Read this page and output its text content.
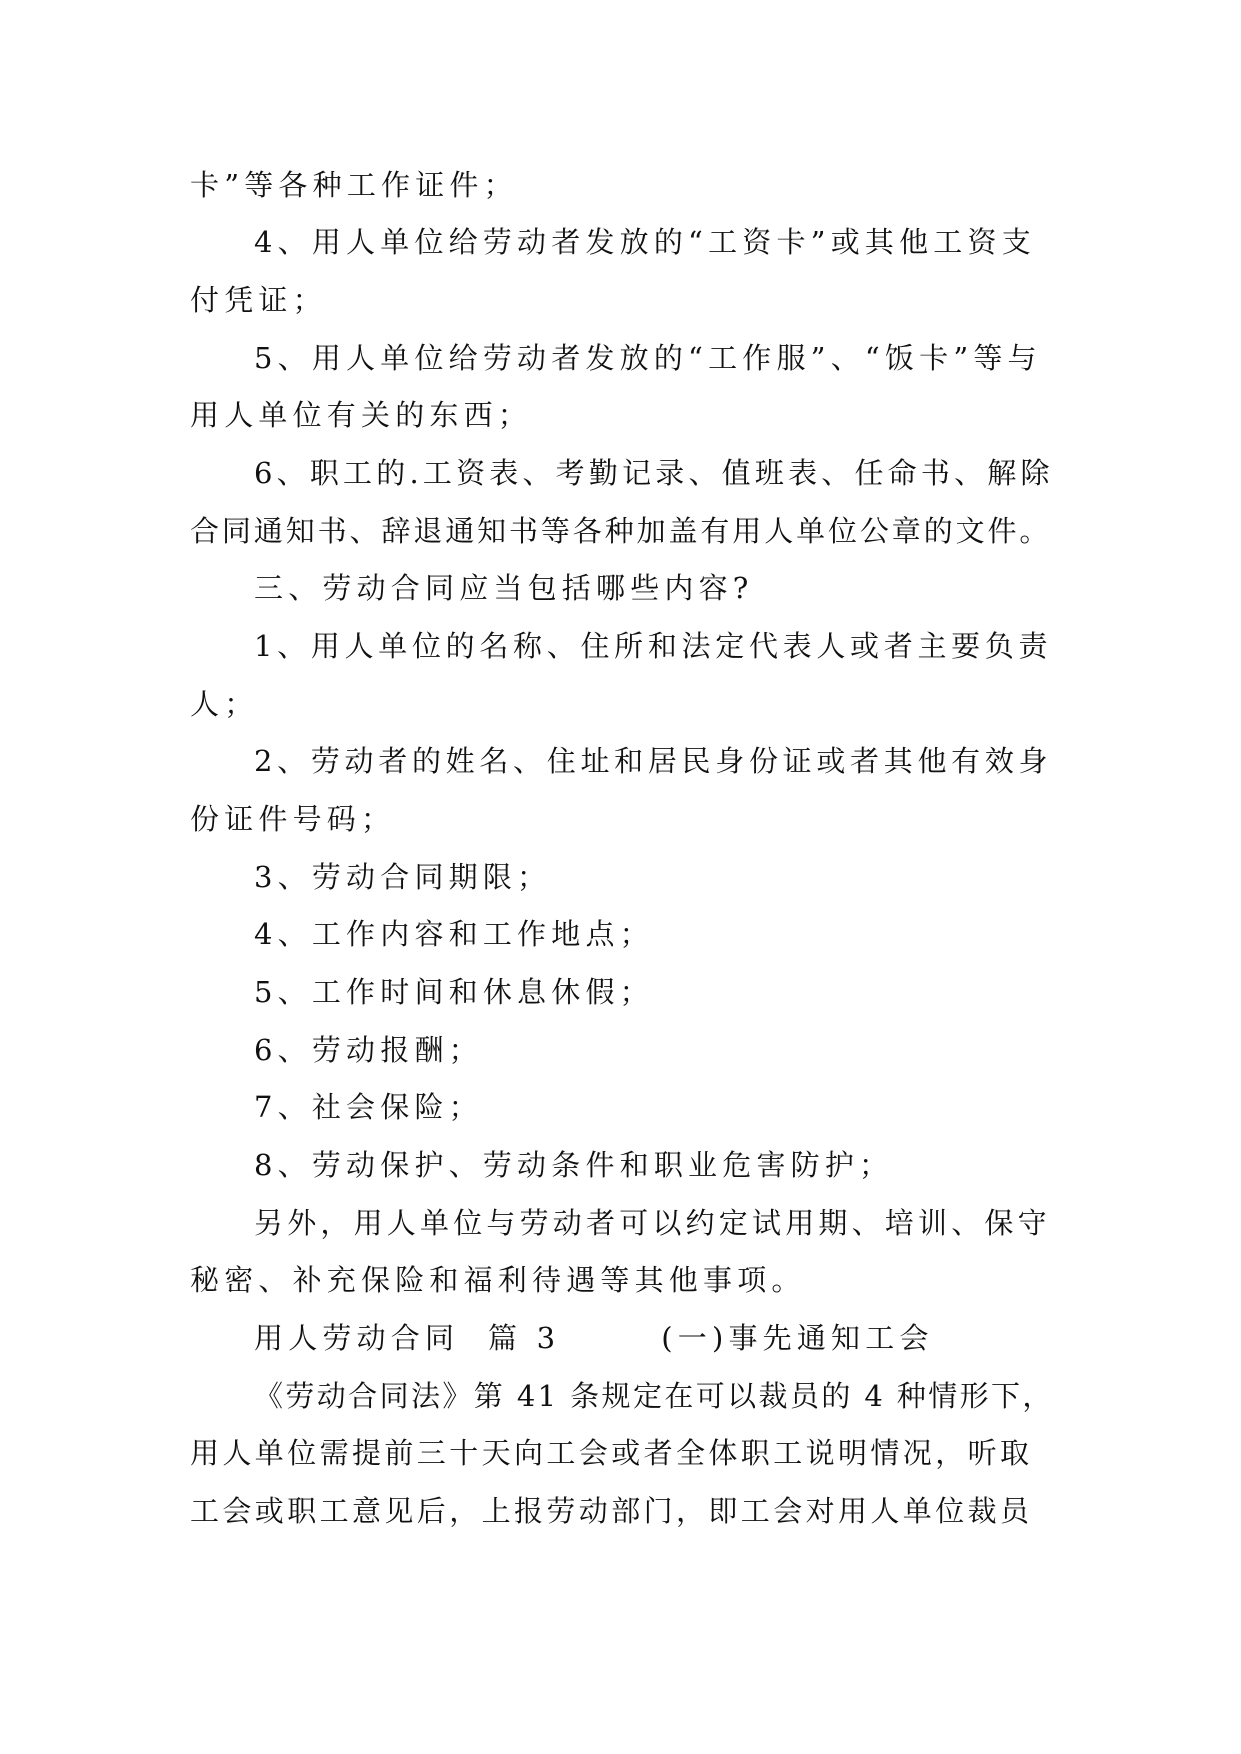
卡”等各种工作证件；
4、用人单位给劳动者发放的“工资卡”或其他工资支
付凭证；
5、用人单位给劳动者发放的“工作服”、“饭卡”等与
用人单位有关的东西；
6、职工的.工资表、考勤记录、值班表、任命书、解除
合同通知书、辞退通知书等各种加盖有用人单位公章的文件。
三、劳动合同应当包括哪些内容?
1、用人单位的名称、住所和法定代表人或者主要负责
人；
2、劳动者的姓名、住址和居民身份证或者其他有效身
份证件号码；
3、劳动合同期限；
4、工作内容和工作地点；
5、工作时间和休息休假；
6、劳动报酬；
7、社会保险；
8、劳动保护、劳动条件和职业危害防护；
另外，用人单位与劳动者可以约定试用期、培训、保守
秘密、补充保险和福利待遇等其他事项。
用人劳动合同  篇 3       (一)事先通知工会
《劳动合同法》第 41 条规定在可以裁员的 4 种情形下，
用人单位需提前三十天向工会或者全体职工说明情况，听取
工会或职工意见后，上报劳动部门，即工会对用人单位裁员
